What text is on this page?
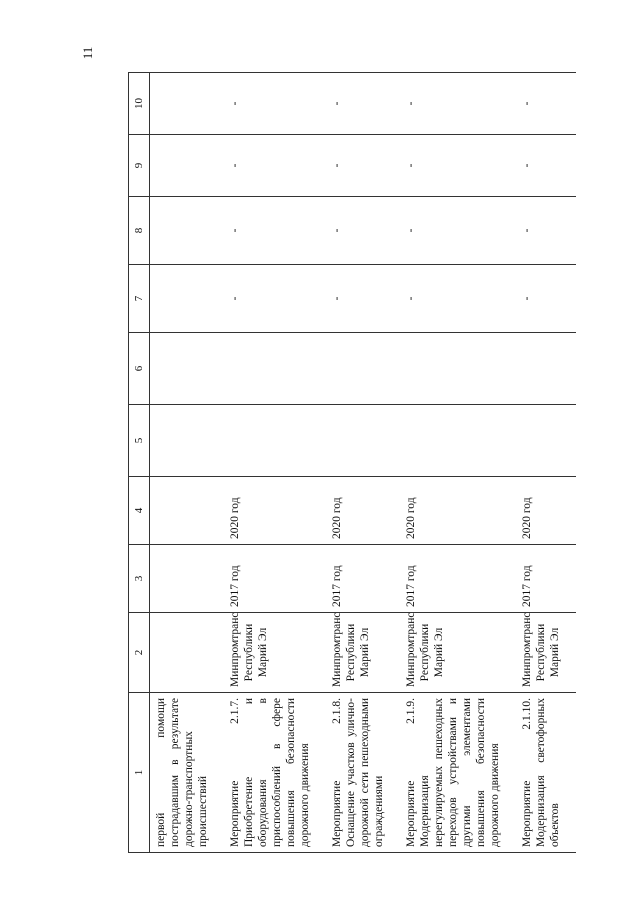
11
1	2	3	4	5	6	7	8	9	10
первой помощи пострадавшим в результате дорожно-транспортных происшествий									
Мероприятие 2.1.7. Приобретение и оборудования в приспособлений в сфере повышения безопасности дорожного движения	Минпромтранс Республики Марий Эл	2017 год	2020 год			-	-	-	-
Мероприятие 2.1.8. Оснащение участков улично-дорожной сети пешеходными ограждениями	Минпромтранс Республики Марий Эл	2017 год	2020 год			-	-	-	-
Мероприятие 2.1.9. Модернизация нерегулируемых пешеходных переходов устройствами и другими элементами повышения безопасности дорожного движения	Минпромтранс Республики Марий Эл	2017 год	2020 год			-	-	-	-
Мероприятие 2.1.10. Модернизация светофорных объектов	Минпромтранс Республики Марий Эл	2017 год	2020 год			-	-	-	-
